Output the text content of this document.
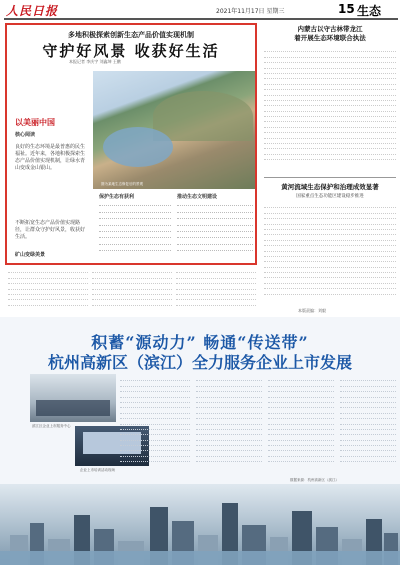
人民日报	2021年11月17日 星期三	15 生态
多地积极探索创新生态产品价值实现机制
守护好风景 收获好生活
本报记者 李庆宇 刘鑫坤 王鹏
图为某地生态修复后的景观
以美丽中国
核心阅读
良好的生态环境是最普惠的民生福祉。近年来，各地积极探索生态产品价值实现机制，让绿水青山变成金山银山。
不断拓宽生态产品价值实现路径，让群众守护好风景，收获好生活。
保护生态有获利	推动生态文明建设
矿山变绿美景
内蒙古以守古林带龙江
着开展生态环境联合执法
黄河流域生态保护和治理成效显著
国家重点生态功能区建设稳步推进
本版责编：刘毅
积蓄“源动力” 畅通“传送带”
杭州高新区（滨江）全力服务企业上市发展
滨江区企业上市服务中心
企业上市培训活动现场
数据来源：杭州高新区（滨江）
